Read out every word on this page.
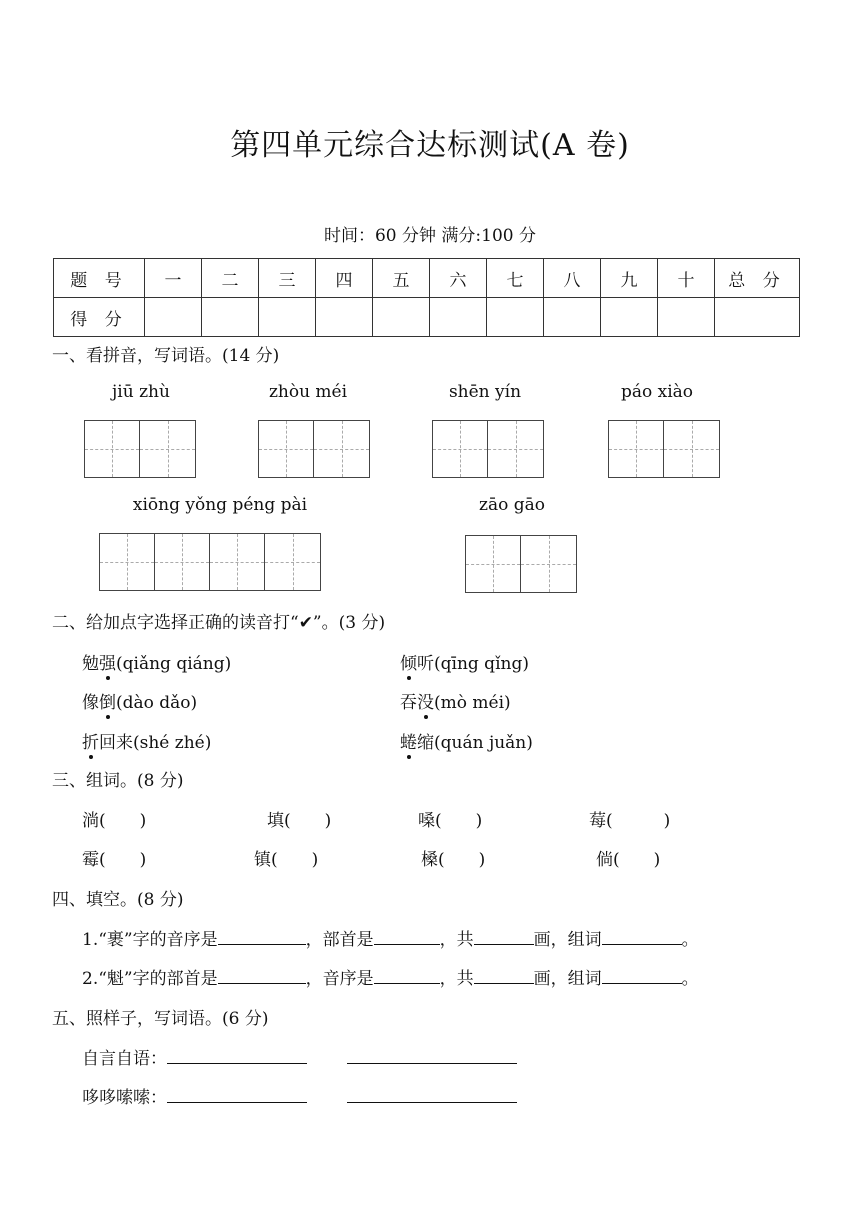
第四单元综合达标测试(A 卷)
时间：60 分钟 满分:100 分
题 号	一	二	三	四	五	六	七	八	九	十	总 分
得 分											
一、看拼音，写词语。(14 分)
jiū zhù	zhòu méi	shēn yín	páo xiào
xiōng yǒng péng pài	zāo gāo
二、给加点字选择正确的读音打“✔”。(3 分)
勉强(qiǎng qiáng)	倾听(qīng qǐng)
像倒(dào dǎo)	吞没(mò méi)
折回来(shé zhé)	蜷缩(quán juǎn)
三、组词。(8 分)
淌(　　)	填(　　)	嗓(　　)	莓(　　　)
霉(　　)	镇(　　)	槡(　　)	倘(　　)
四、填空。(8 分)
1.“裹”字的音序是	，部首是	，共	画，组词	。
2.“魁”字的部首是	，音序是	，共	画，组词	。
五、照样子，写词语。(6 分)
自言自语：
哆哆嗦嗦：
